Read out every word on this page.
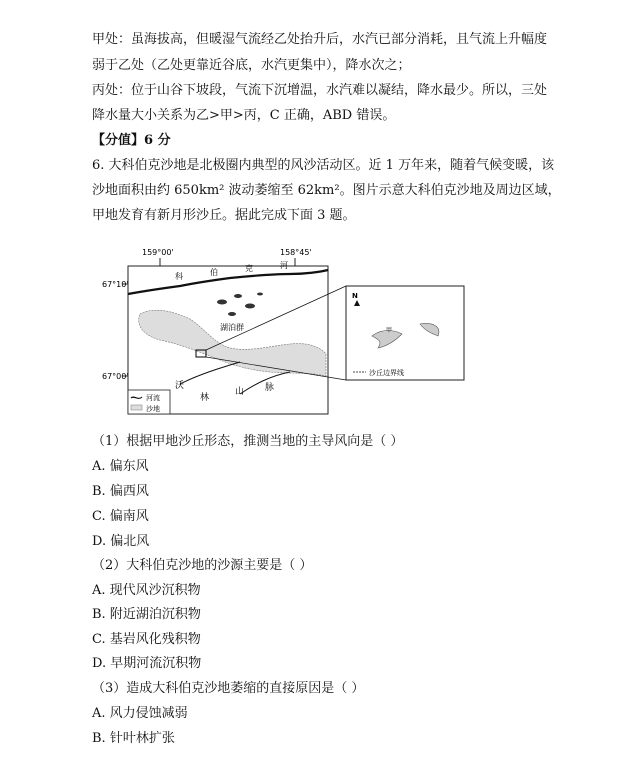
甲处：虽海拔高，但暖湿气流经乙处抬升后，水汽已部分消耗，且气流上升幅度
弱于乙处（乙处更靠近谷底，水汽更集中），降水次之；
丙处：位于山谷下坡段，气流下沉增温，水汽难以凝结，降水最少。所以，三处
降水量大小关系为乙>甲>丙，C 正确，ABD 错误。
【分值】6 分
6. 大科伯克沙地是北极圈内典型的风沙活动区。近 1 万年来，随着气候变暖，该
沙地面积由约 650km² 波动萎缩至 62km²。图片示意大科伯克沙地及周边区域，
甲地发育有新月形沙丘。据此完成下面 3 题。
159°00'	158°45'
67°10'
67°00'
科	伯	克	河
湖泊群
沃
林
山 脉
河流
沙地
N
甲
沙丘边界线
（1）根据甲地沙丘形态，推测当地的主导风向是（ ）
A. 偏东风
B. 偏西风
C. 偏南风
D. 偏北风
（2）大科伯克沙地的沙源主要是（ ）
A. 现代风沙沉积物
B. 附近湖泊沉积物
C. 基岩风化残积物
D. 早期河流沉积物
（3）造成大科伯克沙地萎缩的直接原因是（ ）
A. 风力侵蚀减弱
B. 针叶林扩张
